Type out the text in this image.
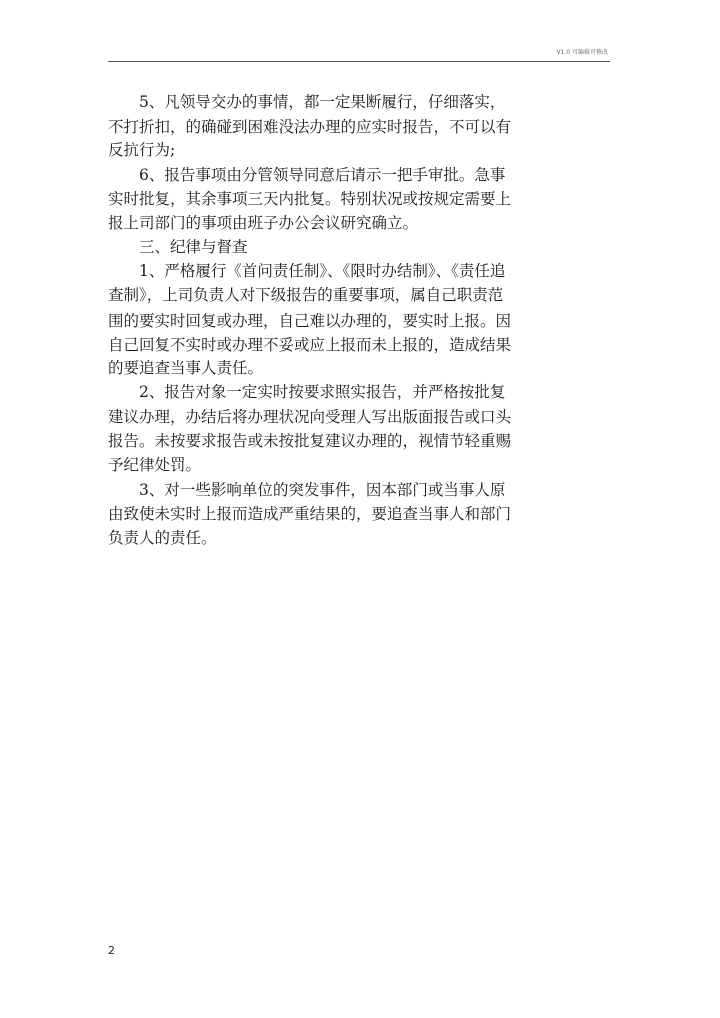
V1.0 可编辑可修改
　　5、凡领导交办的事情，都一定果断履行，仔细落实，
不打折扣，的确碰到困难没法办理的应实时报告，不可以有
反抗行为;
　　6、报告事项由分管领导同意后请示一把手审批。急事
实时批复，其余事项三天内批复。特别状况或按规定需要上
报上司部门的事项由班子办公会议研究确立。
　　三、纪律与督查
　　1、严格履行《首问责任制》、《限时办结制》、《责任追
查制》，上司负责人对下级报告的重要事项，属自己职责范
围的要实时回复或办理，自己难以办理的，要实时上报。因
自己回复不实时或办理不妥或应上报而未上报的，造成结果
的要追查当事人责任。
　　2、报告对象一定实时按要求照实报告，并严格按批复
建议办理，办结后将办理状况向受理人写出版面报告或口头
报告。未按要求报告或未按批复建议办理的，视情节轻重赐
予纪律处罚。
　　3、对一些影响单位的突发事件，因本部门或当事人原
由致使未实时上报而造成严重结果的，要追查当事人和部门
负责人的责任。
2
